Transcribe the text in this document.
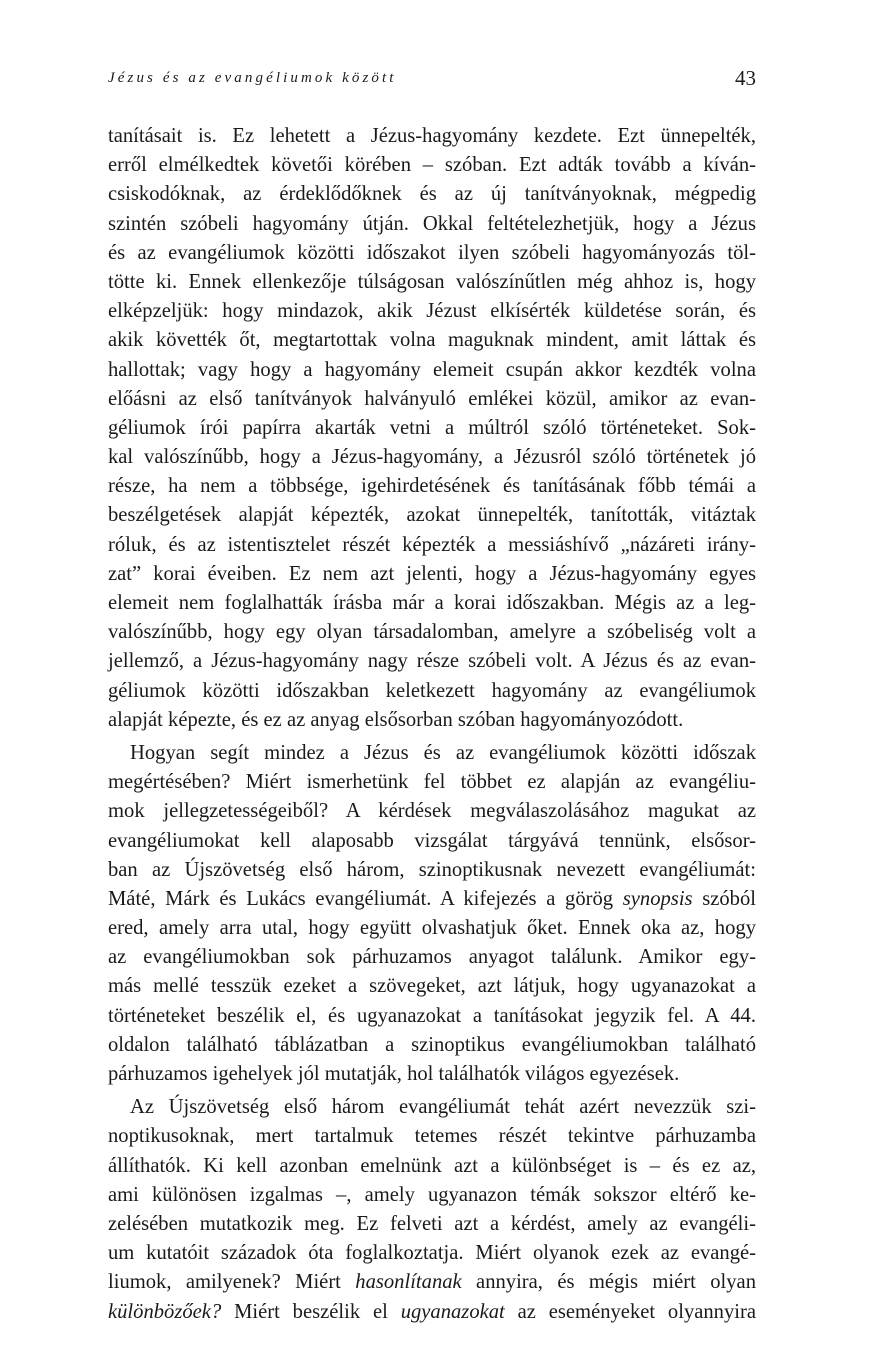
Jézus és az evangéliumok között	43

tanításait is. Ez lehetett a Jézus-hagyomány kezdete. Ezt ünnepelték,
erről elmélkedtek követői körében – szóban. Ezt adták tovább a kíván-
csiskodóknak, az érdeklődőknek és az új tanítványoknak, mégpedig
szintén szóbeli hagyomány útján. Okkal feltételezhetjük, hogy a Jézus
és az evangéliumok közötti időszakot ilyen szóbeli hagyományozás töl-
tötte ki. Ennek ellenkezője túlságosan valószínűtlen még ahhoz is, hogy
elképzeljük: hogy mindazok, akik Jézust elkísérték küldetése során, és
akik követték őt, megtartottak volna maguknak mindent, amit láttak és
hallottak; vagy hogy a hagyomány elemeit csupán akkor kezdték volna
előásni az első tanítványok halványuló emlékei közül, amikor az evan-
géliumok írói papírra akarták vetni a múltról szóló történeteket. Sok-
kal valószínűbb, hogy a Jézus-hagyomány, a Jézusról szóló történetek jó
része, ha nem a többsége, igehirdetésének és tanításának főbb témái a
beszélgetések alapját képezték, azokat ünnepelték, tanították, vitáztak
róluk, és az istentisztelet részét képezték a messiáshívő „názáreti irány-
zat” korai éveiben. Ez nem azt jelenti, hogy a Jézus-hagyomány egyes
elemeit nem foglalhatták írásba már a korai időszakban. Mégis az a leg-
valószínűbb, hogy egy olyan társadalomban, amelyre a szóbeliség volt a
jellemző, a Jézus-hagyomány nagy része szóbeli volt. A Jézus és az evan-
géliumok közötti időszakban keletkezett hagyomány az evangéliumok
alapját képezte, és ez az anyag elsősorban szóban hagyományozódott.

Hogyan segít mindez a Jézus és az evangéliumok közötti időszak
megértésében? Miért ismerhetünk fel többet ez alapján az evangéliu-
mok jellegzetességeiből? A kérdések megválaszolásához magukat az
evangéliumokat kell alaposabb vizsgálat tárgyává tennünk, elsősor-
ban az Újszövetség első három, szinoptikusnak nevezett evangéliumát:
Máté, Márk és Lukács evangéliumát. A kifejezés a görög synopsis szóból
ered, amely arra utal, hogy együtt olvashatjuk őket. Ennek oka az, hogy
az evangéliumokban sok párhuzamos anyagot találunk. Amikor egy-
más mellé tesszük ezeket a szövegeket, azt látjuk, hogy ugyanazokat a
történeteket beszélik el, és ugyanazokat a tanításokat jegyzik fel. A 44.
oldalon található táblázatban a szinoptikus evangéliumokban található
párhuzamos igehelyek jól mutatják, hol találhatók világos egyezések.

Az Újszövetség első három evangéliumát tehát azért nevezzük szi-
noptikusoknak, mert tartalmuk tetemes részét tekintve párhuzamba
állíthatók. Ki kell azonban emelnünk azt a különbséget is – és ez az,
ami különösen izgalmas –, amely ugyanazon témák sokszor eltérő ke-
zelésében mutatkozik meg. Ez felveti azt a kérdést, amely az evangéli-
um kutatóit századok óta foglalkoztatja. Miért olyanok ezek az evangé-
liumok, amilyenek? Miért hasonlítanak annyira, és mégis miért olyan
különbözőek? Miért beszélik el ugyanazokat az eseményeket olyannyira
